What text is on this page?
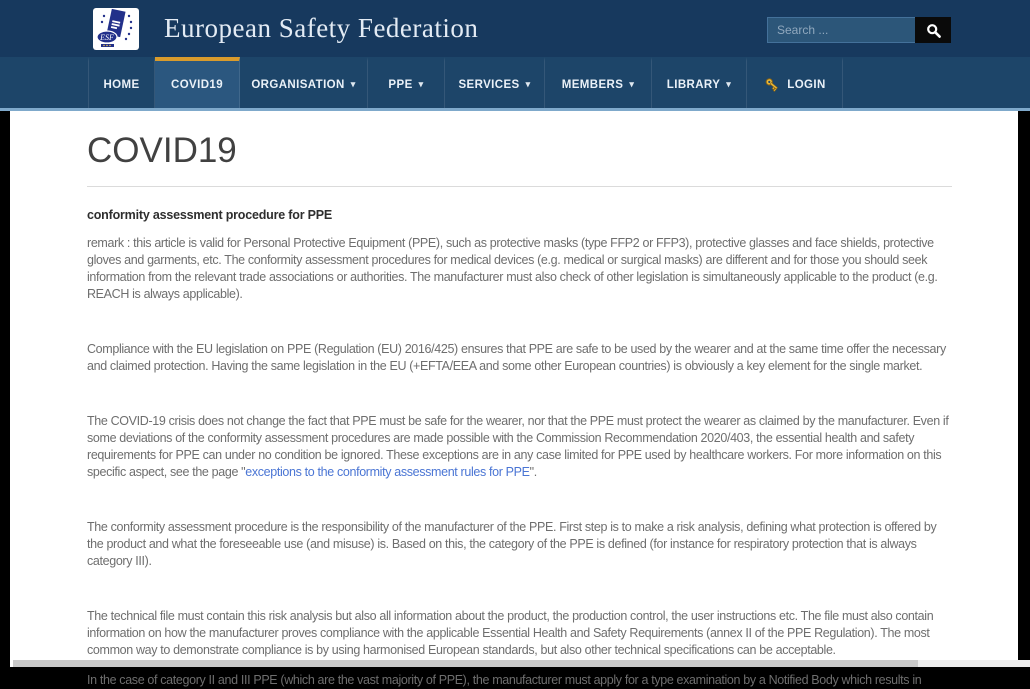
ESF European Safety Federation
Search ...
HOME	COVID19 ORGANISATION ▾	PPE ▾	SERVICES ▾	MEMBERS ▾	LIBRARY ▾	LOGIN
COVID19
conformity assessment procedure for PPE

remark : this article is valid for Personal Protective Equipment (PPE), such as protective masks (type FFP2 or FFP3), protective glasses and face shields, protective gloves and garments, etc. The conformity assessment procedures for medical devices (e.g. medical or surgical masks) are different and for those you should seek information from the relevant trade associations or authorities. The manufacturer must also check of other legislation is simultaneously applicable to the product (e.g. REACH is always applicable).

Compliance with the EU legislation on PPE (Regulation (EU) 2016/425) ensures that PPE are safe to be used by the wearer and at the same time offer the necessary and claimed protection. Having the same legislation in the EU (+EFTA/EEA and some other European countries) is obviously a key element for the single market.

The COVID-19 crisis does not change the fact that PPE must be safe for the wearer, nor that the PPE must protect the wearer as claimed by the manufacturer. Even if some deviations of the conformity assessment procedures are made possible with the Commission Recommendation 2020/403, the essential health and safety requirements for PPE can under no condition be ignored. These exceptions are in any case limited for PPE used by healthcare workers. For more information on this specific aspect, see the page "exceptions to the conformity assessment rules for PPE".

The conformity assessment procedure is the responsibility of the manufacturer of the PPE. First step is to make a risk analysis, defining what protection is offered by the product and what the foreseeable use (and misuse) is. Based on this, the category of the PPE is defined (for instance for respiratory protection that is always category III).

The technical file must contain this risk analysis but also all information about the product, the production control, the user instructions etc. The file must also contain information on how the manufacturer proves compliance with the applicable Essential Health and Safety Requirements (annex II of the PPE Regulation). The most common way to demonstrate compliance is by using harmonised European standards, but also other technical specifications can be acceptable.

In the case of category II and III PPE (which are the vast majority of PPE), the manufacturer must apply for a type examination by a Notified Body which results in
